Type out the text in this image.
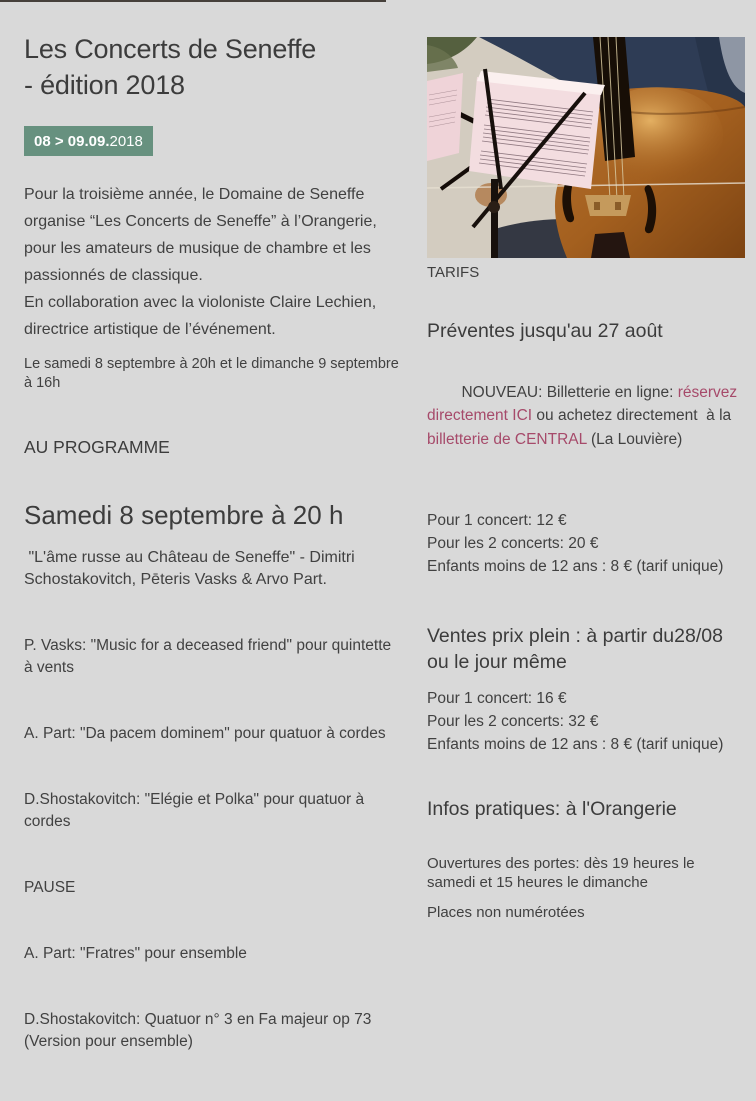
Les Concerts de Seneffe
- édition 2018
08 > 09.09.2018
Pour la troisième année, le Domaine de Seneffe organise “Les Concerts de Seneffe” à l’Orangerie, pour les amateurs de musique de chambre et les passionnés de classique.
En collaboration avec la violoniste Claire Lechien, directrice artistique de l’événement.
Le samedi 8 septembre à 20h et le dimanche 9 septembre à 16h
AU PROGRAMME
Samedi 8 septembre à 20 h
"L'âme russe au Château de Seneffe" - Dimitri Schostakovitch, Pēteris Vasks & Arvo Part.
P. Vasks: "Music for a deceased friend" pour quintette à vents
A. Part: "Da pacem dominem" pour quatuor à cordes
D.Shostakovitch: "Elégie et Polka" pour quatuor à cordes
PAUSE
A. Part: "Fratres" pour ensemble
D.Shostakovitch: Quatuor n° 3 en Fa majeur op 73 (Version pour ensemble)
TARIFS
Préventes jusqu'au 27 août

NOUVEAU: Billetterie en ligne: réservez directement ICI ou achetez directement  à la billetterie de CENTRAL (La Louvière)

Pour 1 concert: 12 €
Pour les 2 concerts: 20 €
Enfants moins de 12 ans : 8 € (tarif unique)
Ventes prix plein : à partir du28/08  ou le jour même
Pour 1 concert: 16 €
Pour les 2 concerts: 32 €
Enfants moins de 12 ans : 8 € (tarif unique)
Infos pratiques: à l'Orangerie
Ouvertures des portes: dès 19 heures le samedi et 15 heures le dimanche
Places non numérotées
